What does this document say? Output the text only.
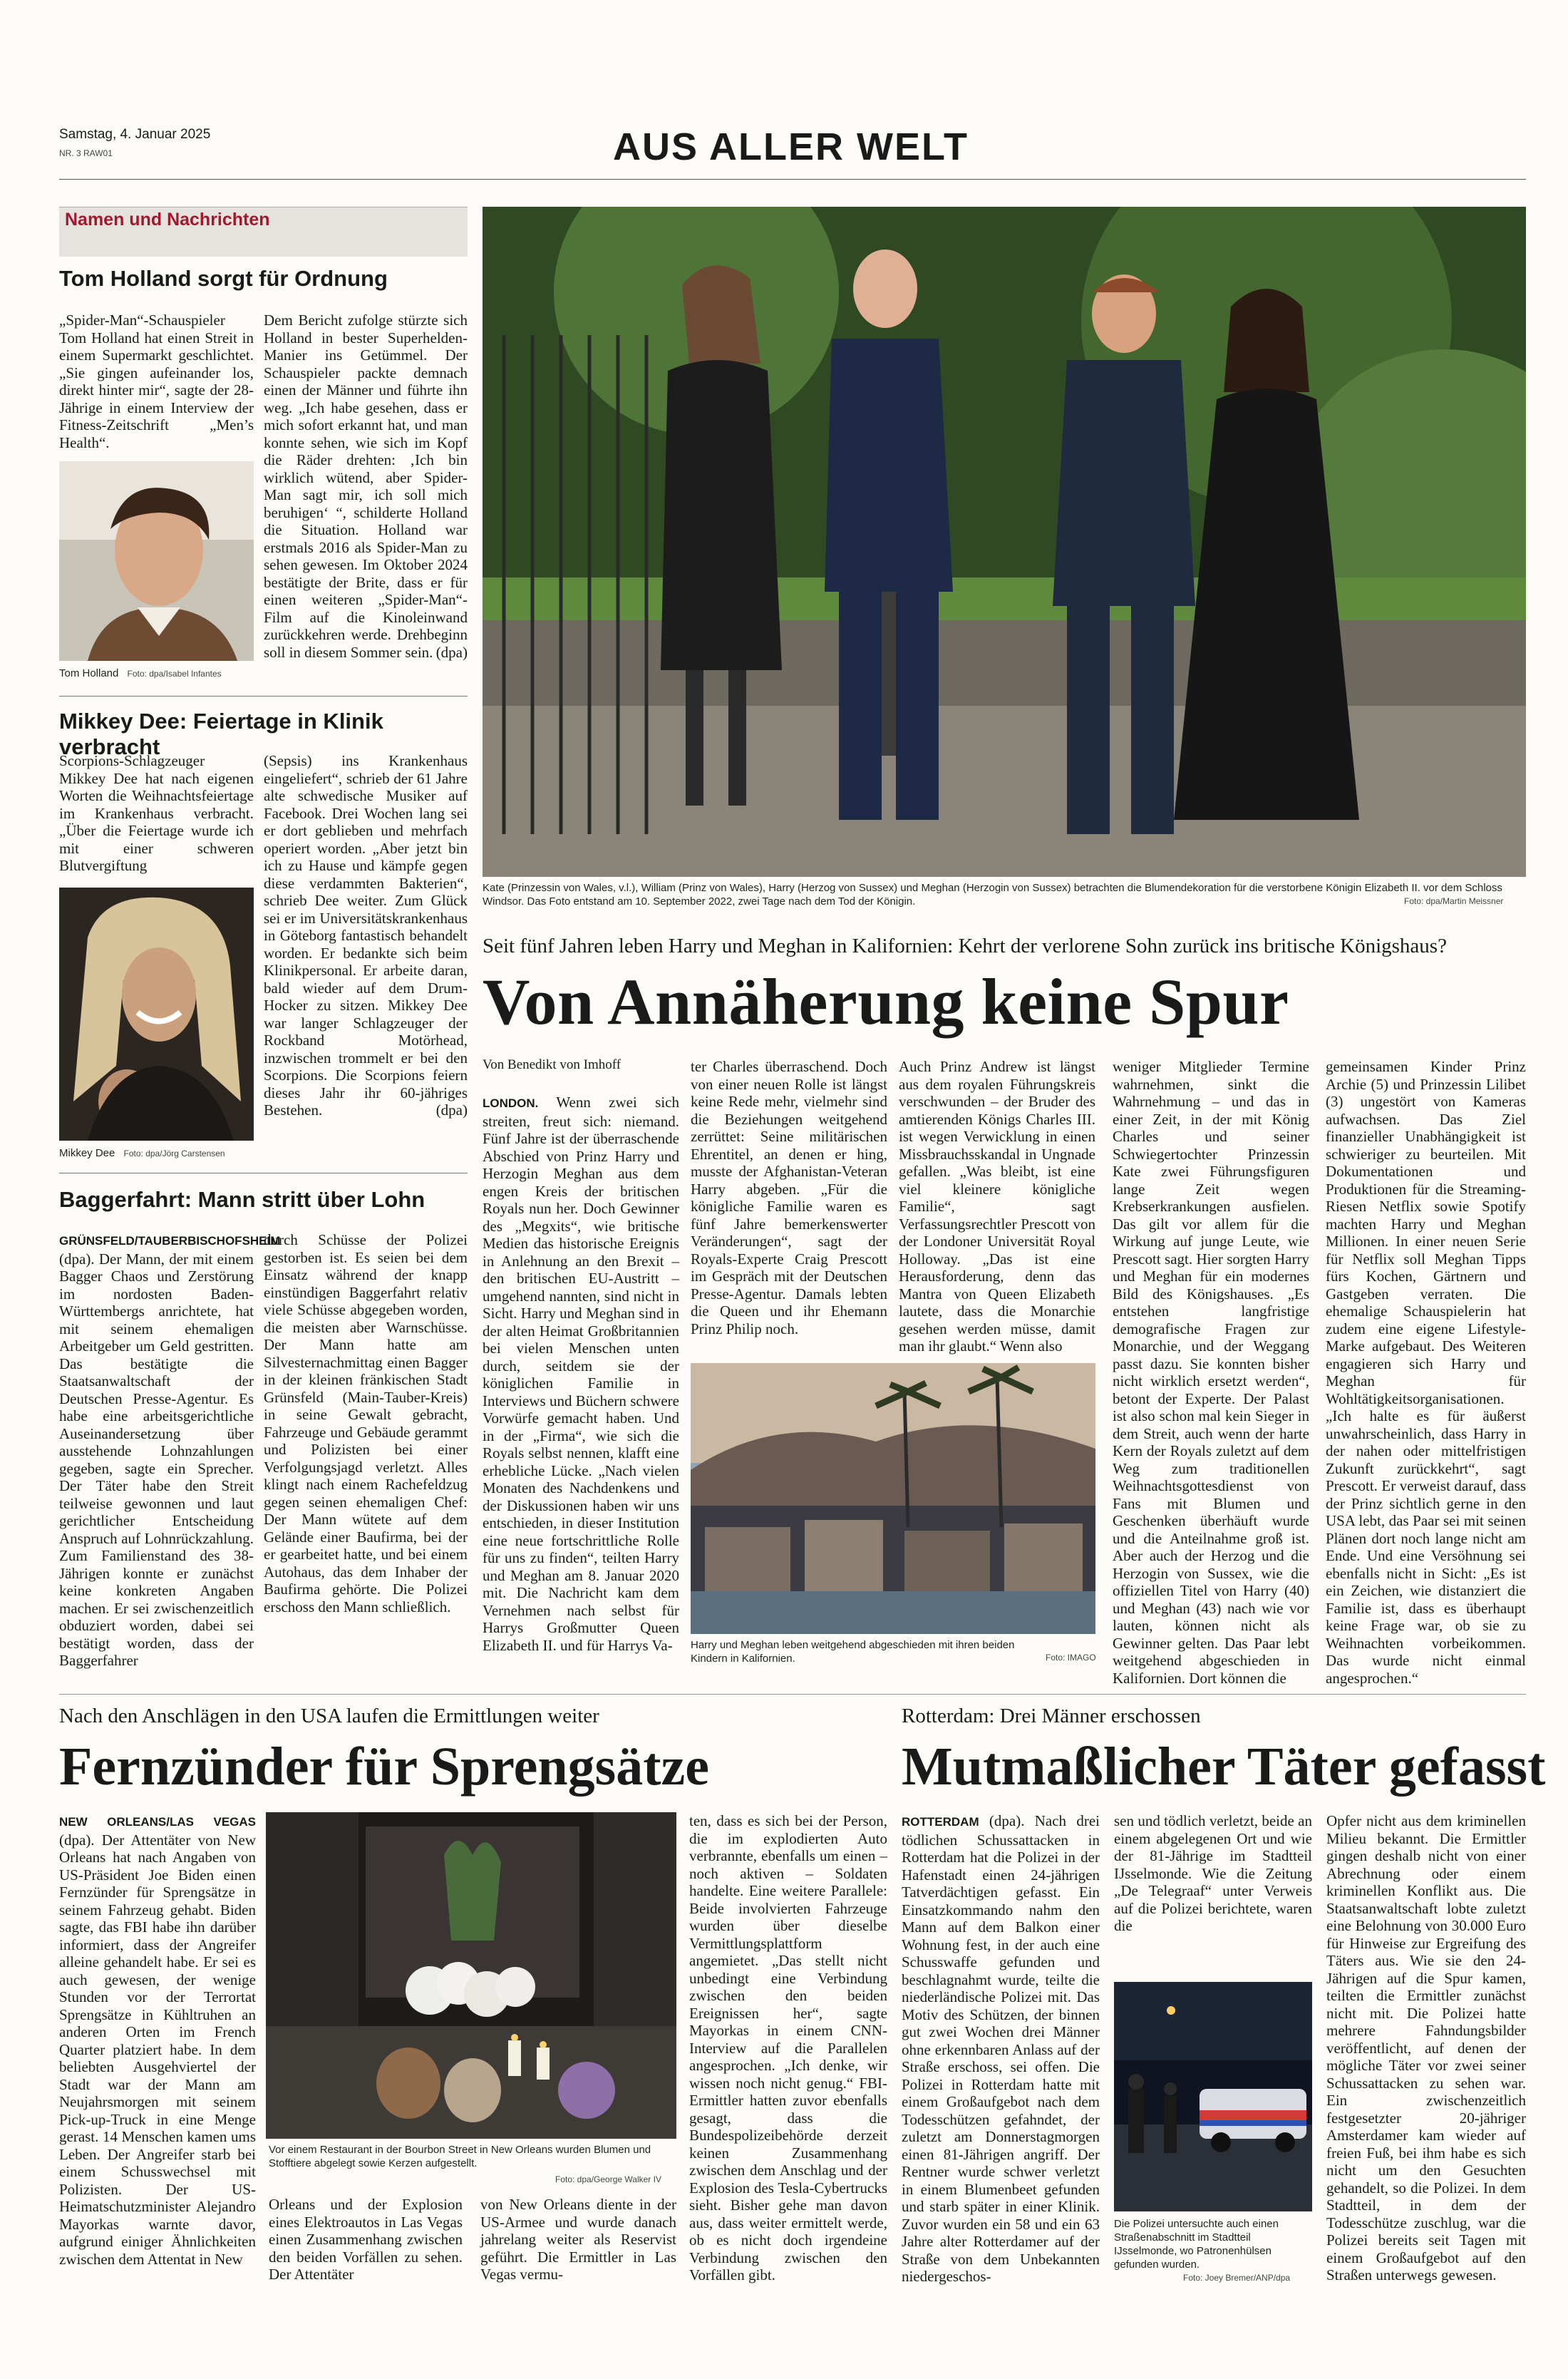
Samstag, 4. Januar 2025
NR. 3 RAW01	AUS ALLER WELT
Namen und Nachrichten
Tom Holland sorgt für Ordnung
„Spider-Man“-Schauspieler Tom Holland hat einen Streit in einem Supermarkt geschlichtet. „Sie gingen aufeinander los, direkt hinter mir“, sagte der 28-Jährige in einem Interview der Fitness-Zeitschrift „Men’s Health“.
Tom Holland Foto: dpa/Isabel Infantes
Dem Bericht zufolge stürzte sich Holland in bester Superhelden-Manier ins Getümmel. Der Schauspieler packte demnach einen der Männer und führte ihn weg. „Ich habe gesehen, dass er mich sofort erkannt hat, und man konnte sehen, wie sich im Kopf die Räder drehten: ‚Ich bin wirklich wütend, aber Spider-Man sagt mir, ich soll mich beruhigen‘ “, schilderte Holland die Situation. Holland war erstmals 2016 als Spider-Man zu sehen gewesen. Im Oktober 2024 bestätigte der Brite, dass er für einen weiteren „Spider-Man“-Film auf die Kinoleinwand zurückkehren werde. Drehbeginn soll in diesem Sommer sein. (dpa)
Mikkey Dee: Feiertage in Klinik verbracht
Scorpions-Schlagzeuger Mikkey Dee hat nach eigenen Worten die Weihnachtsfeiertage im Krankenhaus verbracht. „Über die Feiertage wurde ich mit einer schweren Blutvergiftung
Mikkey Dee Foto: dpa/Jörg Carstensen
(Sepsis) ins Krankenhaus eingeliefert“, schrieb der 61 Jahre alte schwedische Musiker auf Facebook. Drei Wochen lang sei er dort geblieben und mehrfach operiert worden. „Aber jetzt bin ich zu Hause und kämpfe gegen diese verdammten Bakterien“, schrieb Dee weiter. Zum Glück sei er im Universitätskrankenhaus in Göteborg fantastisch behandelt worden. Er bedankte sich beim Klinikpersonal. Er arbeite daran, bald wieder auf dem Drum-Hocker zu sitzen. Mikkey Dee war langer Schlagzeuger der Rockband Motörhead, inzwischen trommelt er bei den Scorpions. Die Scorpions feiern dieses Jahr ihr 60-jähriges Bestehen.	(dpa)
Baggerfahrt: Mann stritt über Lohn
GRÜNSFELD/TAUBERBISCHOFSHEIM (dpa). Der Mann, der mit einem Bagger Chaos und Zerstörung im nordosten Baden-Württembergs anrichtete, hat mit seinem ehemaligen Arbeitgeber um Geld gestritten. Das bestätigte die Staatsanwaltschaft der Deutschen Presse-Agentur. Es habe eine arbeitsgerichtliche Auseinandersetzung über ausstehende Lohnzahlungen gegeben, sagte ein Sprecher. Der Täter habe den Streit teilweise gewonnen und laut gerichtlicher Entscheidung Anspruch auf Lohnrückzahlung. Zum Familienstand des 38-Jährigen konnte er zunächst keine konkreten Angaben machen. Er sei zwischenzeitlich obduziert worden, dabei sei bestätigt worden, dass der Baggerfahrer
durch Schüsse der Polizei gestorben ist. Es seien bei dem Einsatz während der knapp einstündigen Baggerfahrt relativ viele Schüsse abgegeben worden, die meisten aber Warnschüsse. Der Mann hatte am Silvesternachmittag einen Bagger in der kleinen fränkischen Stadt Grünsfeld (Main-Tauber-Kreis) in seine Gewalt gebracht, Fahrzeuge und Gebäude gerammt und Polizisten bei einer Verfolgungsjagd verletzt. Alles klingt nach einem Rachefeldzug gegen seinen ehemaligen Chef: Der Mann wütete auf dem Gelände einer Baufirma, bei der er gearbeitet hatte, und bei einem Autohaus, das dem Inhaber der Baufirma gehörte. Die Polizei erschoss den Mann schließlich.
Kate (Prinzessin von Wales, v.l.), William (Prinz von Wales), Harry (Herzog von Sussex) und Meghan (Herzogin von Sussex) betrachten die Blumendekoration für die verstorbene Königin Elizabeth II. vor dem Schloss Windsor. Das Foto entstand am 10. September 2022, zwei Tage nach dem Tod der Königin.	Foto: dpa/Martin Meissner
Seit fünf Jahren leben Harry und Meghan in Kalifornien: Kehrt der verlorene Sohn zurück ins britische Königshaus?
Von Annäherung keine Spur
Von Benedikt von Imhoff
LONDON. Wenn zwei sich streiten, freut sich: niemand. Fünf Jahre ist der überraschende Abschied von Prinz Harry und Herzogin Meghan aus dem engen Kreis der britischen Royals nun her. Doch Gewinner des „Megxits“, wie britische Medien das historische Ereignis in Anlehnung an den Brexit – den britischen EU-Austritt – umgehend nannten, sind nicht in Sicht. Harry und Meghan sind in der alten Heimat Großbritannien bei vielen Menschen unten durch, seitdem sie der königlichen Familie in Interviews und Büchern schwere Vorwürfe gemacht haben. Und in der „Firma“, wie sich die Royals selbst nennen, klafft eine erhebliche Lücke. „Nach vielen Monaten des Nachdenkens und der Diskussionen haben wir uns entschieden, in dieser Institution eine neue fortschrittliche Rolle für uns zu finden“, teilten Harry und Meghan am 8. Januar 2020 mit. Die Nachricht kam dem Vernehmen nach selbst für Harrys Großmutter Queen Elizabeth II. und für Harrys Va-
ter Charles überraschend. Doch von einer neuen Rolle ist längst keine Rede mehr, vielmehr sind die Beziehungen weitgehend zerrüttet: Seine militärischen Ehrentitel, an denen er hing, musste der Afghanistan-Veteran Harry abgeben. „Für die königliche Familie waren es fünf Jahre bemerkenswerter Veränderungen“, sagt der Royals-Experte Craig Prescott im Gespräch mit der Deutschen Presse-Agentur. Damals lebten die Queen und ihr Ehemann Prinz Philip noch.
Auch Prinz Andrew ist längst aus dem royalen Führungskreis verschwunden – der Bruder des amtierenden Königs Charles III. ist wegen Verwicklung in einen Missbrauchsskandal in Ungnade gefallen. „Was bleibt, ist eine viel kleinere königliche Familie“, sagt Verfassungsrechtler Prescott von der Londoner Universität Royal Holloway. „Das ist eine Herausforderung, denn das Mantra von Queen Elizabeth lautete, dass die Monarchie gesehen werden müsse, damit man ihr glaubt.“ Wenn also
weniger Mitglieder Termine wahrnehmen, sinkt die Wahrnehmung – und das in einer Zeit, in der mit König Charles und seiner Schwiegertochter Prinzessin Kate zwei Führungsfiguren lange Zeit wegen Krebserkrankungen ausfielen. Das gilt vor allem für die Wirkung auf junge Leute, wie Prescott sagt. Hier sorgten Harry und Meghan für ein modernes Bild des Königshauses. „Es entstehen langfristige demografische Fragen zur Monarchie, und der Weggang passt dazu. Sie konnten bisher nicht wirklich ersetzt werden“, betont der Experte. Der Palast ist also schon mal kein Sieger in dem Streit, auch wenn der harte Kern der Royals zuletzt auf dem Weg zum traditionellen Weihnachtsgottesdienst von Fans mit Blumen und Geschenken überhäuft wurde und die Anteilnahme groß ist. Aber auch der Herzog und die Herzogin von Sussex, wie die offiziellen Titel von Harry (40) und Meghan (43) nach wie vor lauten, können nicht als Gewinner gelten. Das Paar lebt weitgehend abgeschieden in Kalifornien. Dort können die
gemeinsamen Kinder Prinz Archie (5) und Prinzessin Lilibet (3) ungestört von Kameras aufwachsen. Das Ziel finanzieller Unabhängigkeit ist schwieriger zu beurteilen. Mit Dokumentationen und Produktionen für die Streaming-Riesen Netflix sowie Spotify machten Harry und Meghan Millionen. In einer neuen Serie für Netflix soll Meghan Tipps fürs Kochen, Gärtnern und Gastgeben verraten. Die ehemalige Schauspielerin hat zudem eine eigene Lifestyle-Marke aufgebaut. Des Weiteren engagieren sich Harry und Meghan für Wohltätigkeitsorganisationen. „Ich halte es für äußerst unwahrscheinlich, dass Harry in der nahen oder mittelfristigen Zukunft zurückkehrt“, sagt Prescott. Er verweist darauf, dass der Prinz sichtlich gerne in den USA lebt, das Paar sei mit seinen Plänen dort noch lange nicht am Ende. Und eine Versöhnung sei ebenfalls nicht in Sicht: „Es ist ein Zeichen, wie distanziert die Familie ist, dass es überhaupt keine Frage war, ob sie zu Weihnachten vorbeikommen. Das wurde nicht einmal angesprochen.“
Harry und Meghan leben weitgehend abgeschieden mit ihren beiden Kindern in Kalifornien.	Foto: IMAGO
Nach den Anschlägen in den USA laufen die Ermittlungen weiter
Fernzünder für Sprengsätze
NEW ORLEANS/LAS VEGAS (dpa). Der Attentäter von New Orleans hat nach Angaben von US-Präsident Joe Biden einen Fernzünder für Sprengsätze in seinem Fahrzeug gehabt. Biden sagte, das FBI habe ihn darüber informiert, dass der Angreifer alleine gehandelt habe. Er sei es auch gewesen, der wenige Stunden vor der Terrortat Sprengsätze in Kühltruhen an anderen Orten im French Quarter platziert habe. In dem beliebten Ausgehviertel der Stadt war der Mann am Neujahrsmorgen mit seinem Pick-up-Truck in eine Menge gerast. 14 Menschen kamen ums Leben. Der Angreifer starb bei einem Schusswechsel mit Polizisten. Der US-Heimatschutzminister Alejandro Mayorkas warnte davor, aufgrund einiger Ähnlichkeiten zwischen dem Attentat in New
Vor einem Restaurant in der Bourbon Street in New Orleans wurden Blumen und Stofftiere abgelegt sowie Kerzen aufgestellt.
Foto: dpa/George Walker IV
Orleans und der Explosion eines Elektroautos in Las Vegas einen Zusammenhang zwischen den beiden Vorfällen zu sehen. Der Attentäter
von New Orleans diente in der US-Armee und wurde danach jahrelang weiter als Reservist geführt. Die Ermittler in Las Vegas vermu-
ten, dass es sich bei der Person, die im explodierten Auto verbrannte, ebenfalls um einen – noch aktiven – Soldaten handelte. Eine weitere Parallele: Beide involvierten Fahrzeuge wurden über dieselbe Vermittlungsplattform angemietet. „Das stellt nicht unbedingt eine Verbindung zwischen den beiden Ereignissen her“, sagte Mayorkas in einem CNN-Interview auf die Parallelen angesprochen. „Ich denke, wir wissen noch nicht genug.“ FBI-Ermittler hatten zuvor ebenfalls gesagt, dass die Bundespolizeibehörde derzeit keinen Zusammenhang zwischen dem Anschlag und der Explosion des Tesla-Cybertrucks sieht. Bisher gehe man davon aus, dass weiter ermittelt werde, ob es nicht doch irgendeine Verbindung zwischen den Vorfällen gibt.
Rotterdam: Drei Männer erschossen
Mutmaßlicher Täter gefasst
ROTTERDAM (dpa). Nach drei tödlichen Schussattacken in Rotterdam hat die Polizei in der Hafenstadt einen 24-jährigen Tatverdächtigen gefasst. Ein Einsatzkommando nahm den Mann auf dem Balkon einer Wohnung fest, in der auch eine Schusswaffe gefunden und beschlagnahmt wurde, teilte die niederländische Polizei mit. Das Motiv des Schützen, der binnen gut zwei Wochen drei Männer ohne erkennbaren Anlass auf der Straße erschoss, sei offen. Die Polizei in Rotterdam hatte mit einem Großaufgebot nach dem Todesschützen gefahndet, der zuletzt am Donnerstagmorgen einen 81-Jährigen angriff. Der Rentner wurde schwer verletzt in einem Blumenbeet gefunden und starb später in einer Klinik. Zuvor wurden ein 58 und ein 63 Jahre alter Rotterdamer auf der Straße von dem Unbekannten niedergeschos-
sen und tödlich verletzt, beide an einem abgelegenen Ort und wie der 81-Jährige im Stadtteil IJsselmonde. Wie die Zeitung „De Telegraaf“ unter Verweis auf die Polizei berichtete, waren die
Die Polizei untersuchte auch einen Straßenabschnitt im Stadtteil IJsselmonde, wo Patronenhülsen gefunden wurden.
Foto: Joey Bremer/ANP/dpa
Opfer nicht aus dem kriminellen Milieu bekannt. Die Ermittler gingen deshalb nicht von einer Abrechnung oder einem kriminellen Konflikt aus. Die Staatsanwaltschaft lobte zuletzt eine Belohnung von 30.000 Euro für Hinweise zur Ergreifung des Täters aus. Wie sie den 24-Jährigen auf die Spur kamen, teilten die Ermittler zunächst nicht mit. Die Polizei hatte mehrere Fahndungsbilder veröffentlicht, auf denen der mögliche Täter vor zwei seiner Schussattacken zu sehen war. Ein zwischenzeitlich festgesetzter 20-jähriger Amsterdamer kam wieder auf freien Fuß, bei ihm habe es sich nicht um den Gesuchten gehandelt, so die Polizei. In dem Stadtteil, in dem der Todesschütze zuschlug, war die Polizei bereits seit Tagen mit einem Großaufgebot auf den Straßen unterwegs gewesen.
